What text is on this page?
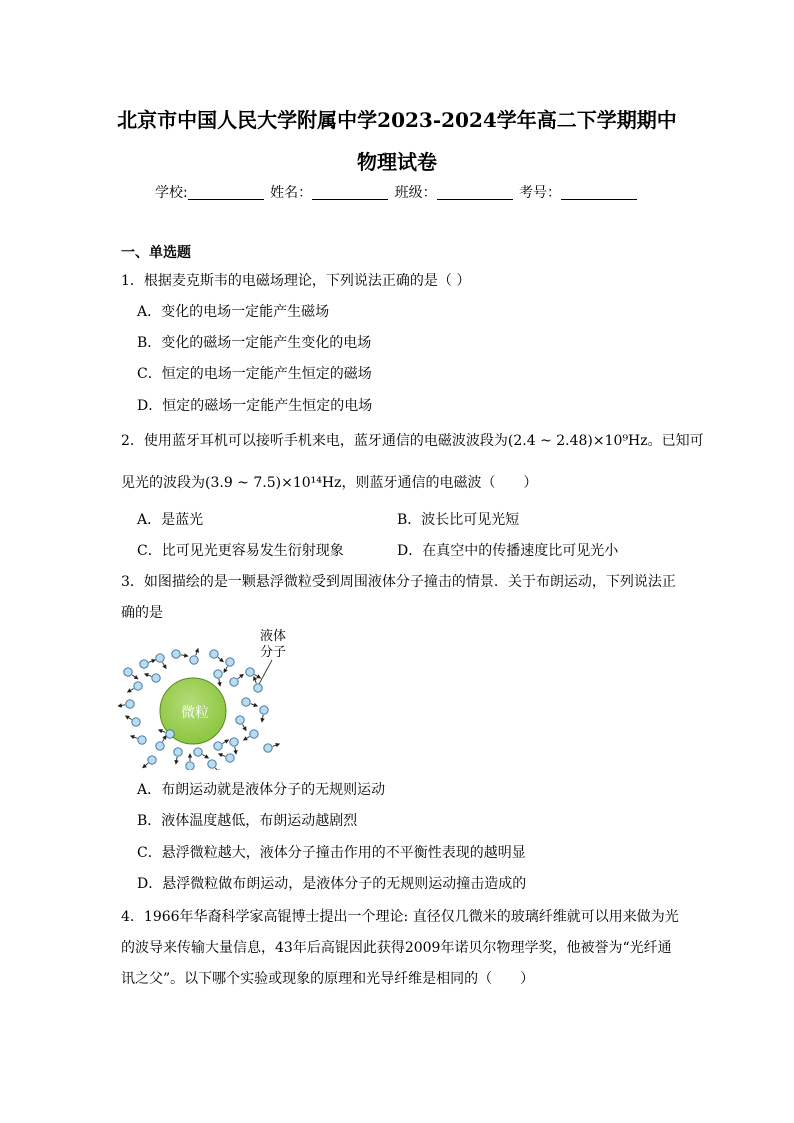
北京市中国人民大学附属中学2023-2024学年高二下学期期中
物理试卷
学校:	姓名：	班级：	考号：
一、单选题
1．根据麦克斯韦的电磁场理论，下列说法正确的是（ ）
A．变化的电场一定能产生磁场
B．变化的磁场一定能产生变化的电场
C．恒定的电场一定能产生恒定的磁场
D．恒定的磁场一定能产生恒定的电场
2．使用蓝牙耳机可以接听手机来电，蓝牙通信的电磁波波段为(2.4 ~ 2.48)×10⁹Hz。已知可
见光的波段为(3.9 ~ 7.5)×10¹⁴Hz，则蓝牙通信的电磁波（　　）
A．是蓝光	B．波长比可见光短
C．比可见光更容易发生衍射现象	D．在真空中的传播速度比可见光小
3．如图描绘的是一颗悬浮微粒受到周围液体分子撞击的情景．关于布朗运动，下列说法正
确的是
微粒
液体
分子
A．布朗运动就是液体分子的无规则运动
B．液体温度越低，布朗运动越剧烈
C．悬浮微粒越大，液体分子撞击作用的不平衡性表现的越明显
D．悬浮微粒做布朗运动，是液体分子的无规则运动撞击造成的
4．1966年华裔科学家高锟博士提出一个理论: 直径仅几微米的玻璃纤维就可以用来做为光
的波导来传输大量信息，43年后高锟因此获得2009年诺贝尔物理学奖，他被誉为“光纤通
讯之父”。以下哪个实验或现象的原理和光导纤维是相同的（　　）
